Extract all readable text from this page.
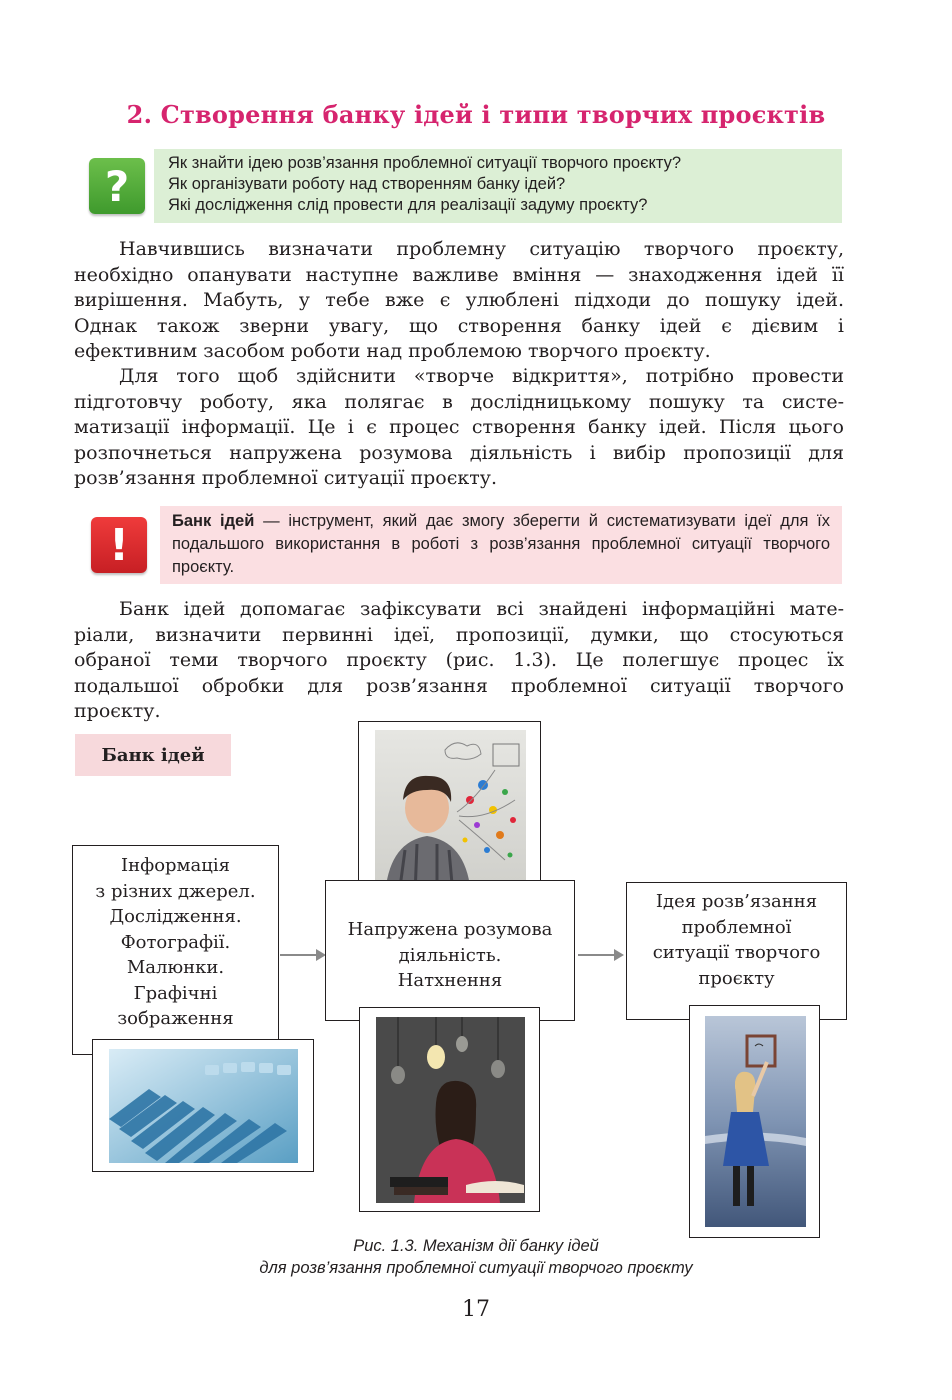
2. Створення банку ідей і типи творчих проєктів
?	Як знайти ідею розв’язання проблемної ситуації творчого проєкту?
Як організувати роботу над створенням банку ідей?
Які дослідження слід провести для реалізації задуму проєкту?
Навчившись визначати проблемну ситуацію творчого проєкту,
необхідно опанувати наступне важливе вміння — знаходження ідей її
вирішення. Мабуть, у тебе вже є улюблені підходи до пошуку ідей.
Однак також зверни увагу, що створення банку ідей є дієвим і
ефективним засобом роботи над проблемою творчого проєкту.
Для того щоб здійснити «творче відкриття», потрібно провести
підготовчу роботу, яка полягає в дослідницькому пошуку та систе-
матизації інформації. Це і є процес створення банку ідей. Після цього
розпочнеться напружена розумова діяльність і вибір пропозиції для
розв’язання проблемної ситуації проєкту.
!	Банк ідей — інструмент, який дає змогу зберегти й систематизувати ідеї для їх подальшого використання в роботі з розв’язання проблемної ситуації творчого проєкту.
Банк ідей допомагає зафіксувати всі знайдені інформаційні мате-
ріали, визначити первинні ідеї, пропозиції, думки, що стосуються
обраної теми творчого проєкту (рис. 1.3). Це полегшує процес їх
подальшої обробки для розв’язання проблемної ситуації творчого
проєкту.
Банк ідей
Інформація
з різних джерел.
Дослідження.
Фотографії.
Малюнки.
Графічні
зображення
Напружена розумова
діяльність.
Натхнення
Ідея розв’язання
проблемної
ситуації творчого
проєкту
Рис. 1.3. Механізм дії банку ідей
для розв’язання проблемної ситуації творчого проєкту
17
